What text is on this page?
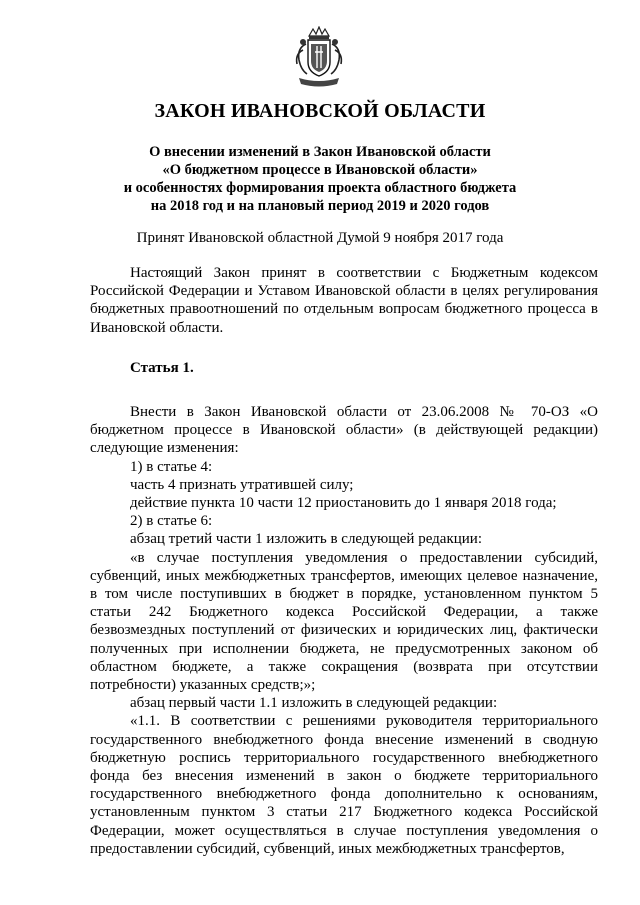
ЗАКОН ИВАНОВСКОЙ ОБЛАСТИ
О внесении изменений в Закон Ивановской области
«О бюджетном процессе в Ивановской области»
и особенностях формирования проекта областного бюджета
на 2018 год и на плановый период 2019 и 2020 годов
Принят Ивановской областной Думой 9 ноября 2017 года

Настоящий Закон принят в соответствии с Бюджетным кодексом Российской Федерации и Уставом Ивановской области в целях регулирования бюджетных правоотношений по отдельным вопросам бюджетного процесса в Ивановской области.

Статья 1.

Внести в Закон Ивановской области от 23.06.2008 № 70-ОЗ «О бюджетном процессе в Ивановской области» (в действующей редакции) следующие изменения:

1) в статье 4:

часть 4 признать утратившей силу;

действие пункта 10 части 12 приостановить до 1 января 2018 года;

2) в статье 6:

абзац третий части 1 изложить в следующей редакции:

«в случае поступления уведомления о предоставлении субсидий, субвенций, иных межбюджетных трансфертов, имеющих целевое назначение, в том числе поступивших в бюджет в порядке, установленном пунктом 5 статьи 242 Бюджетного кодекса Российской Федерации, а также безвозмездных поступлений от физических и юридических лиц, фактически полученных при исполнении бюджета, не предусмотренных законом об областном бюджете, а также сокращения (возврата при отсутствии потребности) указанных средств;»;

абзац первый части 1.1 изложить в следующей редакции:

«1.1. В соответствии с решениями руководителя территориального государственного внебюджетного фонда внесение изменений в сводную бюджетную роспись территориального государственного внебюджетного фонда без внесения изменений в закон о бюджете территориального государственного внебюджетного фонда дополнительно к основаниям, установленным пунктом 3 статьи 217 Бюджетного кодекса Российской Федерации, может осуществляться в случае поступления уведомления о предоставлении субсидий, субвенций, иных межбюджетных трансфертов,
